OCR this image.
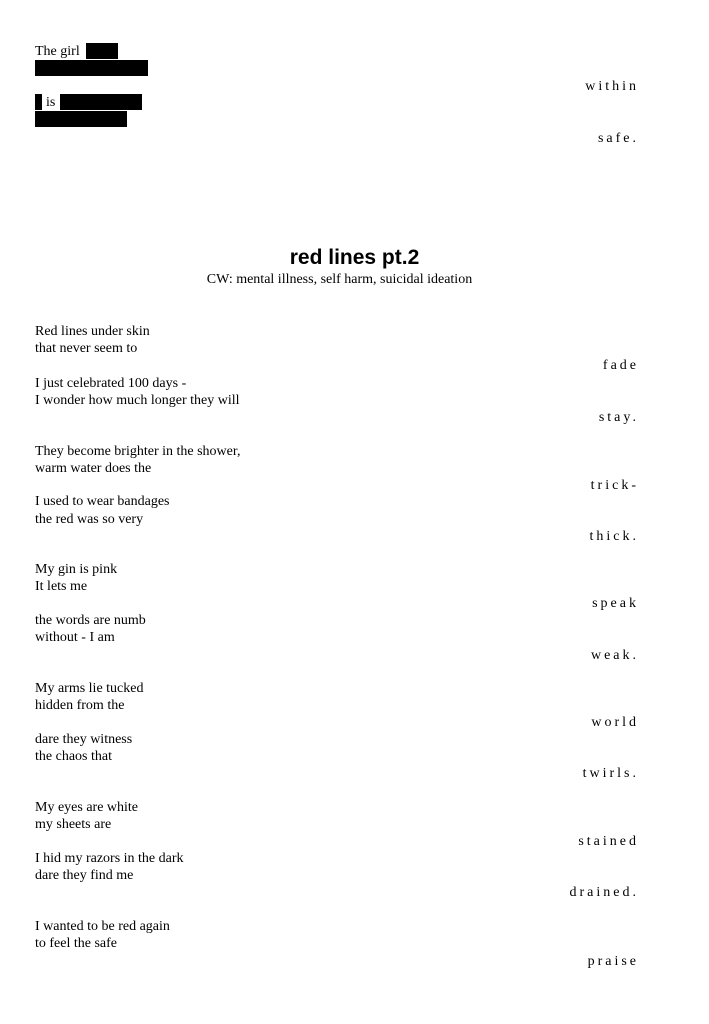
The girl
is
within
safe.
red lines pt.2
CW: mental illness, self harm, suicidal ideation
Red lines under skin
that never seem to
fade
I just celebrated 100 days -
I wonder how much longer they will
stay.
They become brighter in the shower,
warm water does the
trick-
I used to wear bandages
the red was so very
thick.
My gin is pink
It lets me
speak
the words are numb
without - I am
weak.
My arms lie tucked
hidden from the
world
dare they witness
the chaos that
twirls.
My eyes are white
my sheets are
stained
I hid my razors in the dark
dare they find me
drained.
I wanted to be red again
to feel the safe
praise
